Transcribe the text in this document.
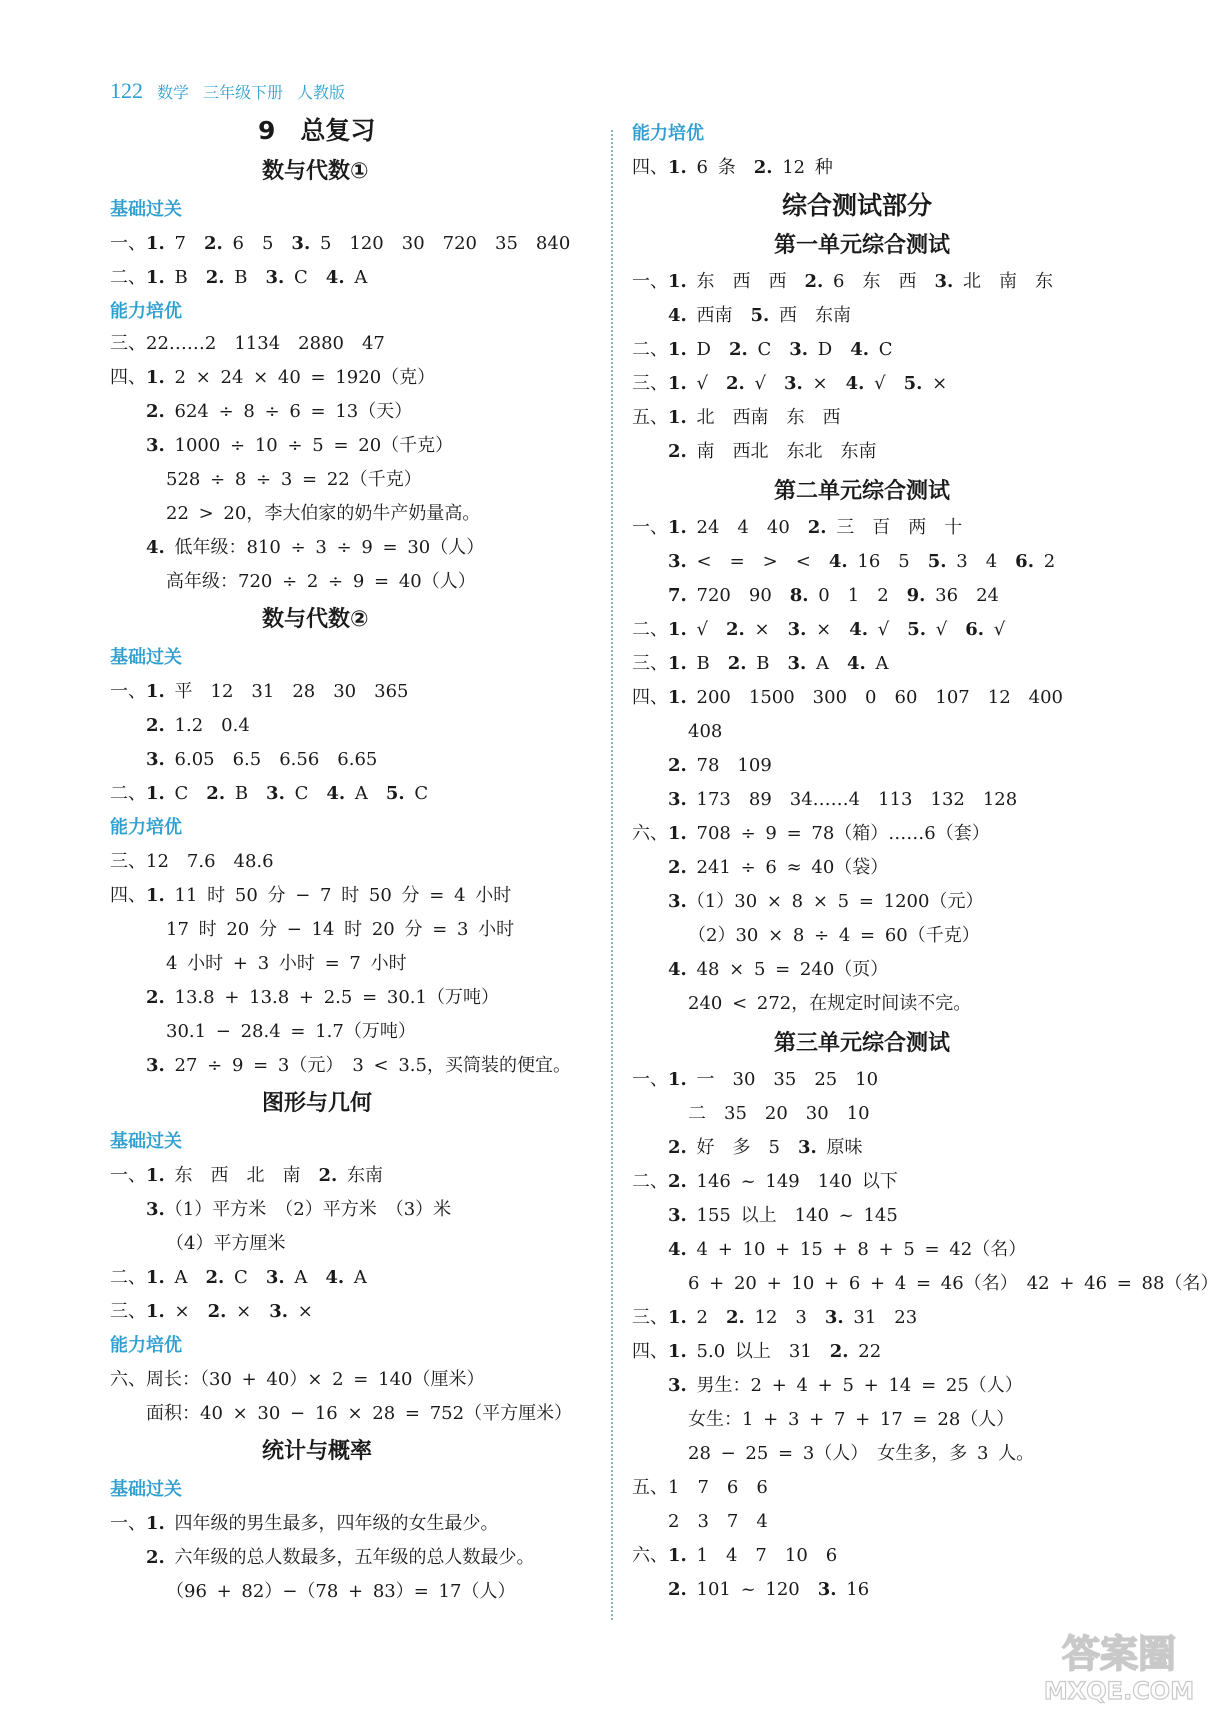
122 数学 三年级下册 人教版
9　总复习
数与代数①
基础过关
一、1. 7　2. 6　5　3. 5　120　30　720　35　840
二、1. B　2. B　3. C　4. A
能力培优
三、22……2　1134　2880　47
四、1. 2 × 24 × 40 = 1920（克）
2. 624 ÷ 8 ÷ 6 = 13（天）
3. 1000 ÷ 10 ÷ 5 = 20（千克）
528 ÷ 8 ÷ 3 = 22（千克）
22 > 20，李大伯家的奶牛产奶量高。
4. 低年级：810 ÷ 3 ÷ 9 = 30（人）
高年级：720 ÷ 2 ÷ 9 = 40（人）
数与代数②
基础过关
一、1. 平　12　31　28　30　365
2. 1.2　0.4
3. 6.05　6.5　6.56　6.65
二、1. C　2. B　3. C　4. A　5. C
能力培优
三、12　7.6　48.6
四、1. 11 时 50 分 − 7 时 50 分 = 4 小时
17 时 20 分 − 14 时 20 分 = 3 小时
4 小时 + 3 小时 = 7 小时
2. 13.8 + 13.8 + 2.5 = 30.1（万吨）
30.1 − 28.4 = 1.7（万吨）
3. 27 ÷ 9 = 3（元）　3 < 3.5，买筒装的便宜。
图形与几何
基础过关
一、1. 东　西　北　南　2. 东南
3.（1）平方米　（2）平方米　（3）米
（4）平方厘米
二、1. A　2. C　3. A　4. A
三、1. ×　2. ×　3. ×
能力培优
六、周长：（30 + 40）× 2 = 140（厘米）
面积：40 × 30 − 16 × 28 = 752（平方厘米）
统计与概率
基础过关
一、1. 四年级的男生最多，四年级的女生最少。
2. 六年级的总人数最多，五年级的总人数最少。
（96 + 82）−（78 + 83）= 17（人）
能力培优
四、1. 6 条　2. 12 种
综合测试部分
第一单元综合测试
一、1. 东　西　西　2. 6　东　西　3. 北　南　东
4. 西南　5. 西　东南
二、1. D　2. C　3. D　4. C
三、1. √　2. √　3. ×　4. √　5. ×
五、1. 北　西南　东　西
2. 南　西北　东北　东南
第二单元综合测试
一、1. 24　4　40　2. 三　百　两　十
3. <　=　>　<　4. 16　5　5. 3　4　6. 2
7. 720　90　8. 0　1　2　9. 36　24
二、1. √　2. ×　3. ×　4. √　5. √　6. √
三、1. B　2. B　3. A　4. A
四、1. 200　1500　300　0　60　107　12　400
408
2. 78　109
3. 173　89　34……4　113　132　128
六、1. 708 ÷ 9 = 78（箱）……6（套）
2. 241 ÷ 6 ≈ 40（袋）
3.（1）30 × 8 × 5 = 1200（元）
（2）30 × 8 ÷ 4 = 60（千克）
4. 48 × 5 = 240（页）
240 < 272，在规定时间读不完。
第三单元综合测试
一、1. 一　30　35　25　10
二　35　20　30　10
2. 好　多　5　3. 原味
二、2. 146 ~ 149　140 以下
3. 155 以上　140 ~ 145
4. 4 + 10 + 15 + 8 + 5 = 42（名）
6 + 20 + 10 + 6 + 4 = 46（名）　42 + 46 = 88（名）
三、1. 2　2. 12　3　3. 31　23
四、1. 5.0 以上　31　2. 22
3. 男生：2 + 4 + 5 + 14 = 25（人）
女生：1 + 3 + 7 + 17 = 28（人）
28 − 25 = 3（人）　女生多，多 3 人。
五、1　7　6　6
2　3　7　4
六、1. 1　4　7　10　6
2. 101 ~ 120　3. 16
答案圈
MXQE.COM
